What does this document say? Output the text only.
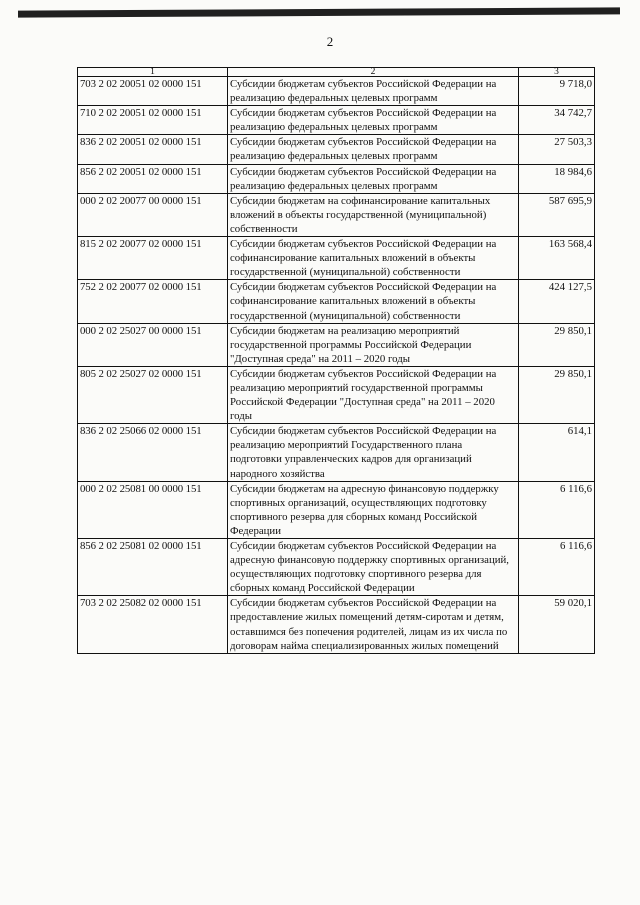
2
1	2	3
703 2 02 20051 02 0000 151	Субсидии бюджетам субъектов Российской Федерации на реализацию федеральных целевых программ	9 718,0
710 2 02 20051 02 0000 151	Субсидии бюджетам субъектов Российской Федерации на реализацию федеральных целевых программ	34 742,7
836 2 02 20051 02 0000 151	Субсидии бюджетам субъектов Российской Федерации на реализацию федеральных целевых программ	27 503,3
856 2 02 20051 02 0000 151	Субсидии бюджетам субъектов Российской Федерации на реализацию федеральных целевых программ	18 984,6
000 2 02 20077 00 0000 151	Субсидии бюджетам на софинансирование капитальных вложений в объекты государственной (муниципальной) собственности	587 695,9
815 2 02 20077 02 0000 151	Субсидии бюджетам субъектов Российской Федерации на софинансирование капитальных вложений в объекты государственной (муниципальной) собственности	163 568,4
752 2 02 20077 02 0000 151	Субсидии бюджетам субъектов Российской Федерации на софинансирование капитальных вложений в объекты государственной (муниципальной) собственности	424 127,5
000 2 02 25027 00 0000 151	Субсидии бюджетам на реализацию мероприятий государственной программы Российской Федерации "Доступная среда" на 2011 – 2020 годы	29 850,1
805 2 02 25027 02 0000 151	Субсидии бюджетам субъектов Российской Федерации на реализацию мероприятий государственной программы Российской Федерации "Доступная среда" на 2011 – 2020 годы	29 850,1
836 2 02 25066 02 0000 151	Субсидии бюджетам субъектов Российской Федерации на реализацию мероприятий Государственного плана подготовки управленческих кадров для организаций народного хозяйства	614,1
000 2 02 25081 00 0000 151	Субсидии бюджетам на адресную финансовую поддержку спортивных организаций, осуществляющих подготовку спортивного резерва для сборных команд Российской Федерации	6 116,6
856 2 02 25081 02 0000 151	Субсидии бюджетам субъектов Российской Федерации на адресную финансовую поддержку спортивных организаций, осуществляющих подготовку спортивного резерва для сборных команд Российской Федерации	6 116,6
703 2 02 25082 02 0000 151	Субсидии бюджетам субъектов Российской Федерации на предоставление жилых помещений детям-сиротам и детям, оставшимся без попечения родителей, лицам из их числа по договорам найма специализированных жилых помещений	59 020,1
